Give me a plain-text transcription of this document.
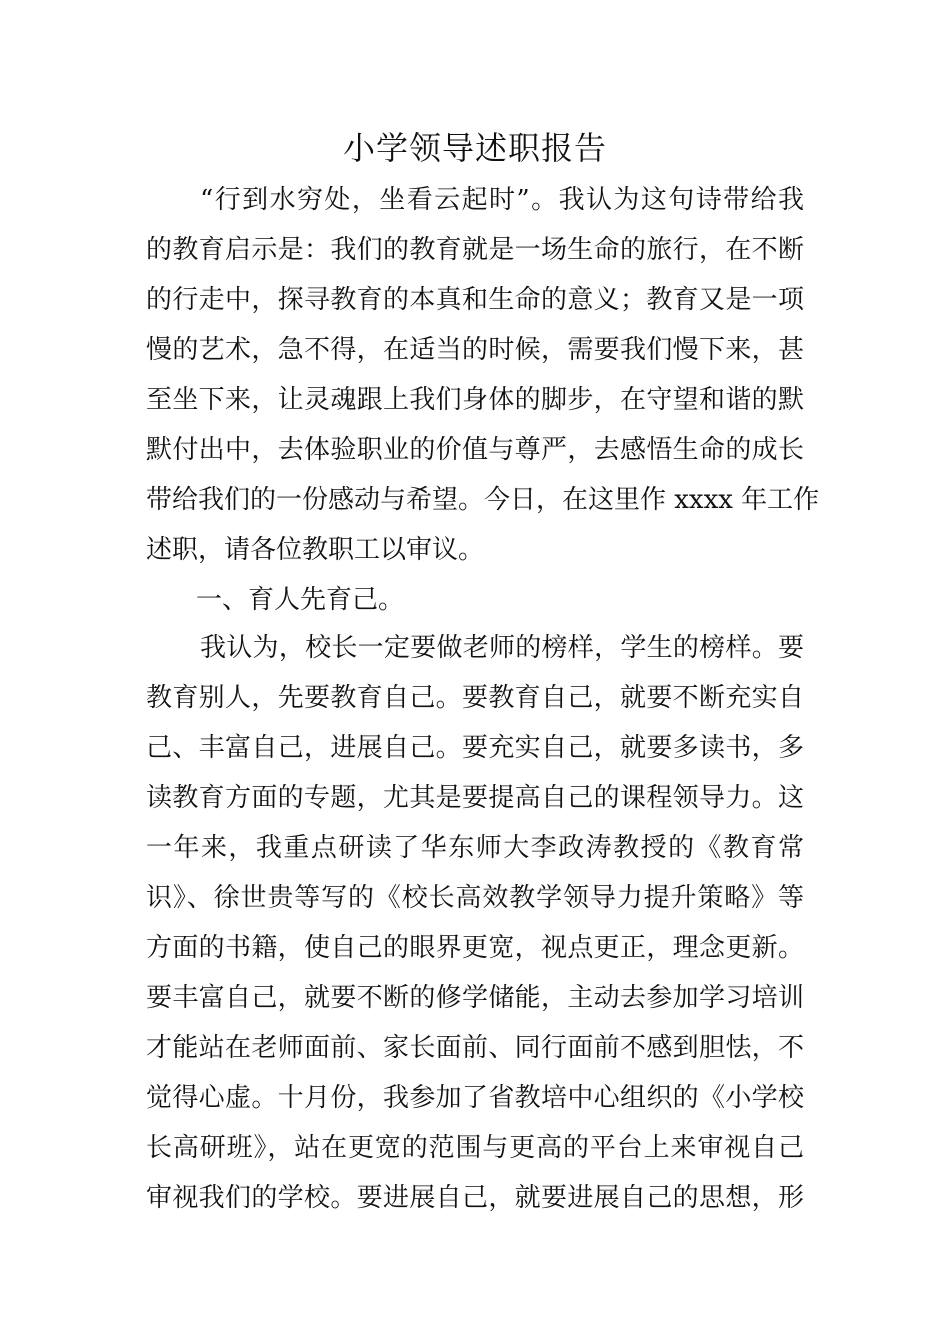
小学领导述职报告
“行到水穷处，坐看云起时”。我认为这句诗带给我
的教育启示是：我们的教育就是一场生命的旅行，在不断
的行走中，探寻教育的本真和生命的意义；教育又是一项
慢的艺术，急不得，在适当的时候，需要我们慢下来，甚
至坐下来，让灵魂跟上我们身体的脚步，在守望和谐的默
默付出中，去体验职业的价值与尊严，去感悟生命的成长
带给我们的一份感动与希望。今日，在这里作 xxxx 年工作
述职，请各位教职工以审议。
一、育人先育己。
我认为，校长一定要做老师的榜样，学生的榜样。要
教育别人，先要教育自己。要教育自己，就要不断充实自
己、丰富自己，进展自己。要充实自己，就要多读书，多
读教育方面的专题，尤其是要提高自己的课程领导力。这
一年来，我重点研读了华东师大李政涛教授的《教育常
识》、徐世贵等写的《校长高效教学领导力提升策略》等
方面的书籍，使自己的眼界更宽，视点更正，理念更新。
要丰富自己，就要不断的修学储能，主动去参加学习培训
才能站在老师面前、家长面前、同行面前不感到胆怯，不
觉得心虚。十月份，我参加了省教培中心组织的《小学校
长高研班》，站在更宽的范围与更高的平台上来审视自己
审视我们的学校。要进展自己，就要进展自己的思想，形
